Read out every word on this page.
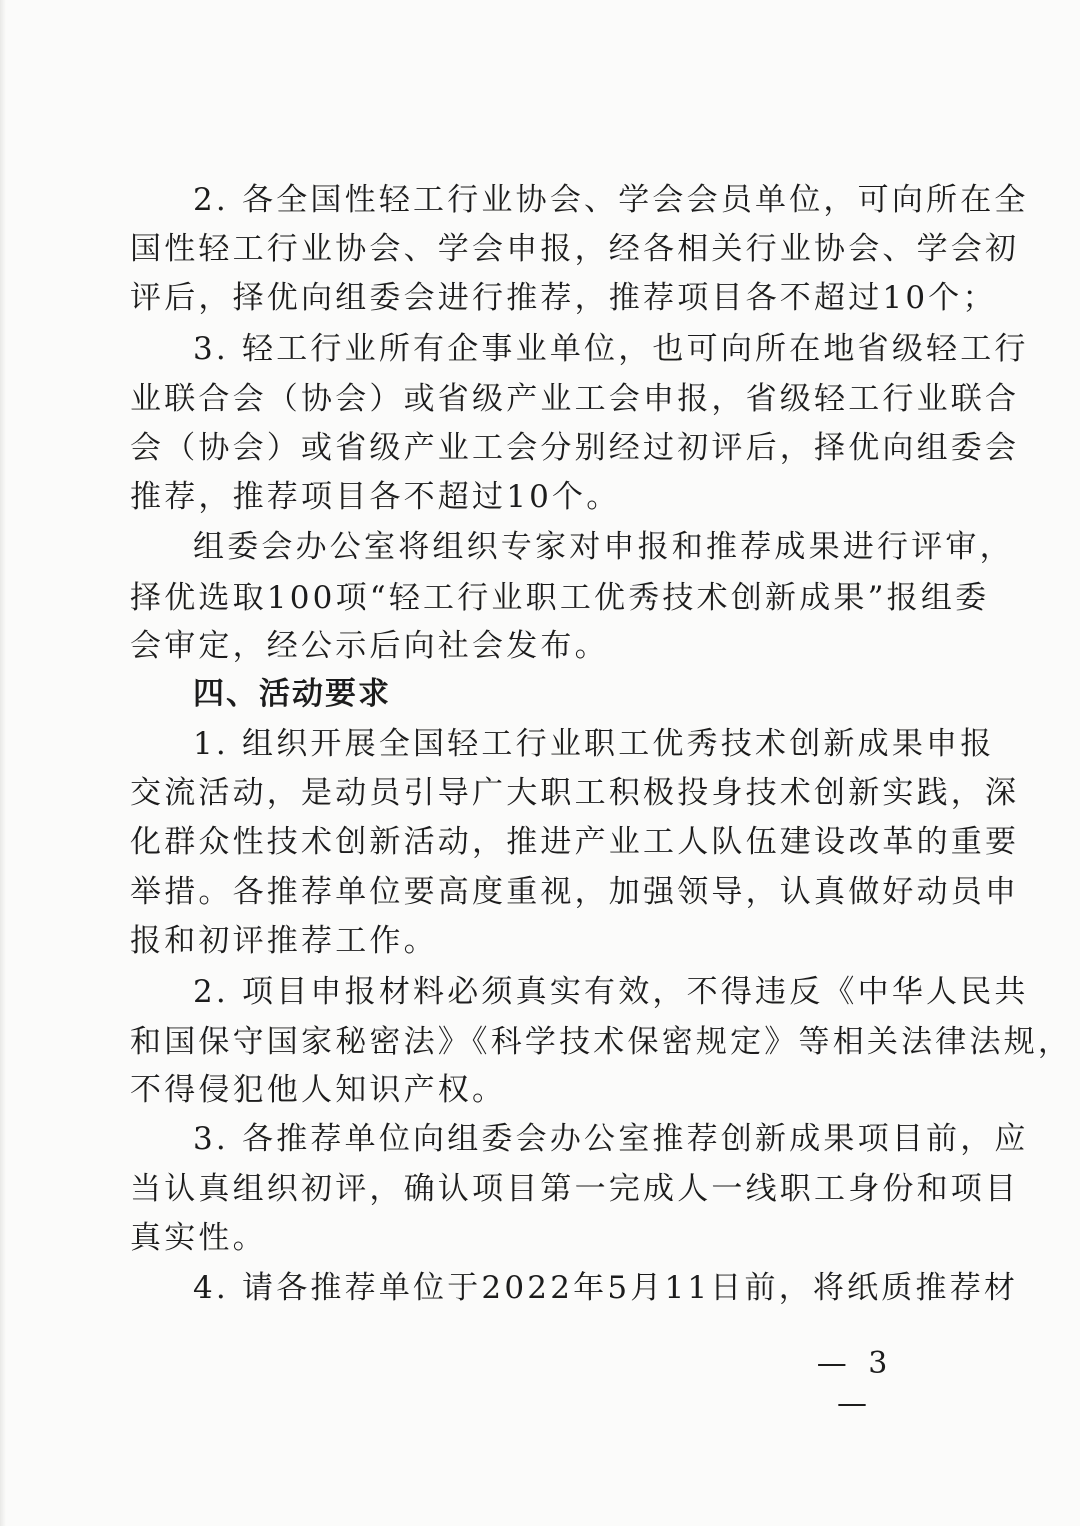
2. 各全国性轻工行业协会、学会会员单位，可向所在全
国性轻工行业协会、学会申报，经各相关行业协会、学会初
评后，择优向组委会进行推荐，推荐项目各不超过10个；
3. 轻工行业所有企事业单位，也可向所在地省级轻工行
业联合会（协会）或省级产业工会申报，省级轻工行业联合
会（协会）或省级产业工会分别经过初评后，择优向组委会
推荐，推荐项目各不超过10个。
组委会办公室将组织专家对申报和推荐成果进行评审，
择优选取100项“轻工行业职工优秀技术创新成果”报组委
会审定，经公示后向社会发布。
四、活动要求
1. 组织开展全国轻工行业职工优秀技术创新成果申报
交流活动，是动员引导广大职工积极投身技术创新实践，深
化群众性技术创新活动，推进产业工人队伍建设改革的重要
举措。各推荐单位要高度重视，加强领导，认真做好动员申
报和初评推荐工作。
2. 项目申报材料必须真实有效，不得违反《中华人民共
和国保守国家秘密法》《科学技术保密规定》等相关法律法规，
不得侵犯他人知识产权。
3. 各推荐单位向组委会办公室推荐创新成果项目前，应
当认真组织初评，确认项目第一完成人一线职工身份和项目
真实性。
4. 请各推荐单位于2022年5月11日前，将纸质推荐材
— 3 —
